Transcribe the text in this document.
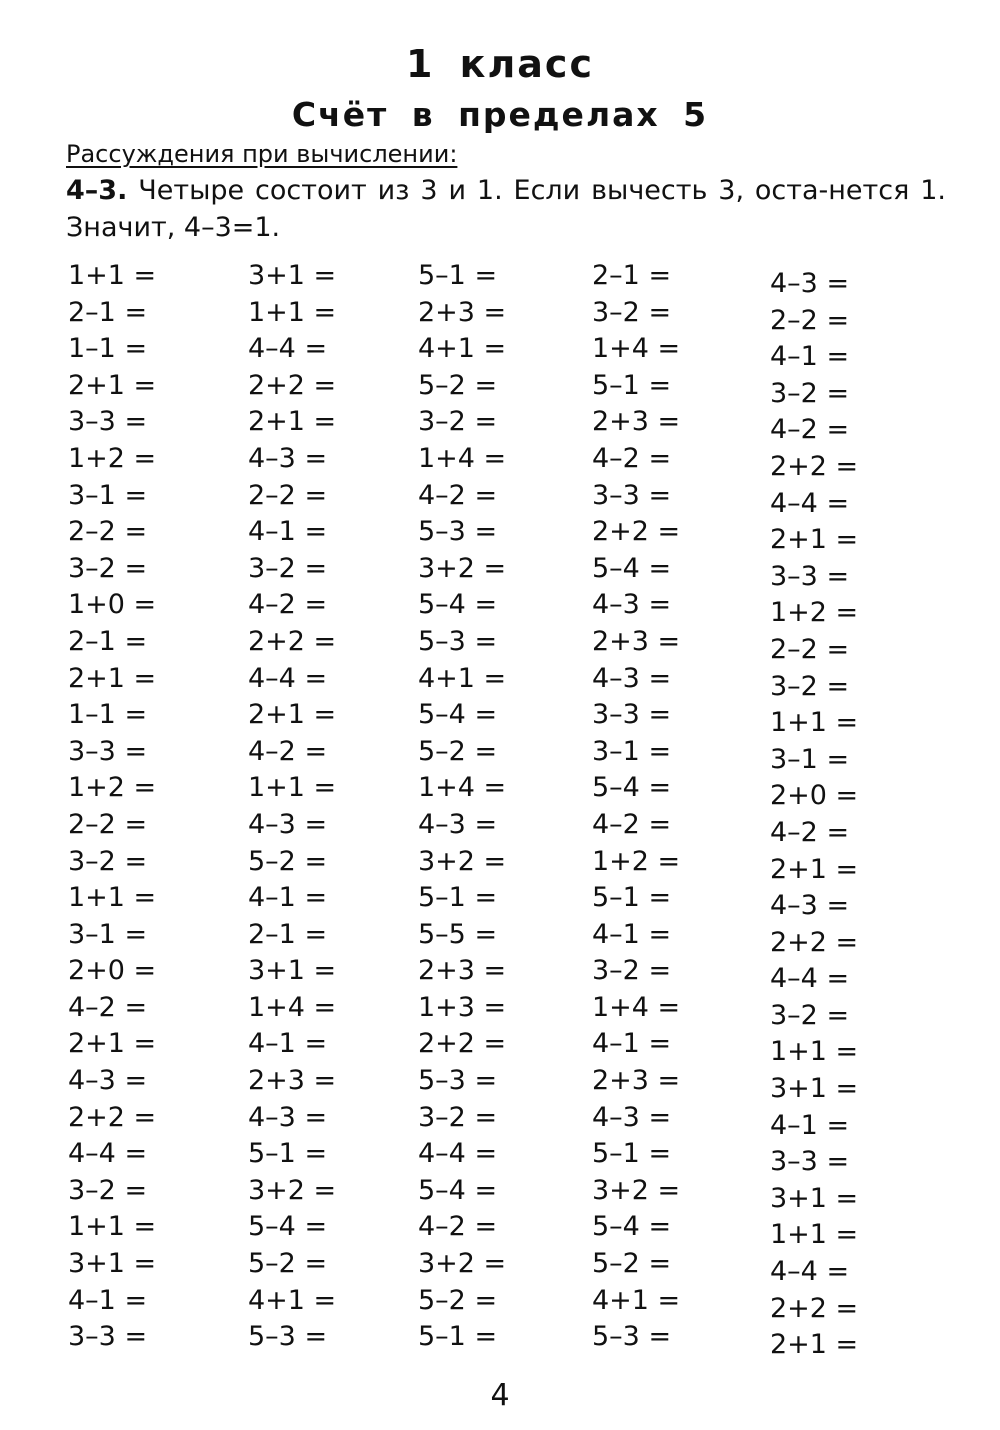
1 класс
Счёт в пределах 5
Рассуждения при вычислении:
4–3. Четыре состоит из 3 и 1. Если вычесть 3, оста-нется 1. Значит, 4–3=1.
1+1 =
2–1 =
1–1 =
2+1 =
3–3 =
1+2 =
3–1 =
2–2 =
3–2 =
1+0 =
2–1 =
2+1 =
1–1 =
3–3 =
1+2 =
2–2 =
3–2 =
1+1 =
3–1 =
2+0 =
4–2 =
2+1 =
4–3 =
2+2 =
4–4 =
3–2 =
1+1 =
3+1 =
4–1 =
3–3 =
3+1 =
1+1 =
4–4 =
2+2 =
2+1 =
4–3 =
2–2 =
4–1 =
3–2 =
4–2 =
2+2 =
4–4 =
2+1 =
4–2 =
1+1 =
4–3 =
5–2 =
4–1 =
2–1 =
3+1 =
1+4 =
4–1 =
2+3 =
4–3 =
5–1 =
3+2 =
5–4 =
5–2 =
4+1 =
5–3 =
5–1 =
2+3 =
4+1 =
5–2 =
3–2 =
1+4 =
4–2 =
5–3 =
3+2 =
5–4 =
5–3 =
4+1 =
5–4 =
5–2 =
1+4 =
4–3 =
3+2 =
5–1 =
5–5 =
2+3 =
1+3 =
2+2 =
5–3 =
3–2 =
4–4 =
5–4 =
4–2 =
3+2 =
5–2 =
5–1 =
2–1 =
3–2 =
1+4 =
5–1 =
2+3 =
4–2 =
3–3 =
2+2 =
5–4 =
4–3 =
2+3 =
4–3 =
3–3 =
3–1 =
5–4 =
4–2 =
1+2 =
5–1 =
4–1 =
3–2 =
1+4 =
4–1 =
2+3 =
4–3 =
5–1 =
3+2 =
5–4 =
5–2 =
4+1 =
5–3 =
4–3 =
2–2 =
4–1 =
3–2 =
4–2 =
2+2 =
4–4 =
2+1 =
3–3 =
1+2 =
2–2 =
3–2 =
1+1 =
3–1 =
2+0 =
4–2 =
2+1 =
4–3 =
2+2 =
4–4 =
3–2 =
1+1 =
3+1 =
4–1 =
3–3 =
3+1 =
1+1 =
4–4 =
2+2 =
2+1 =
4
